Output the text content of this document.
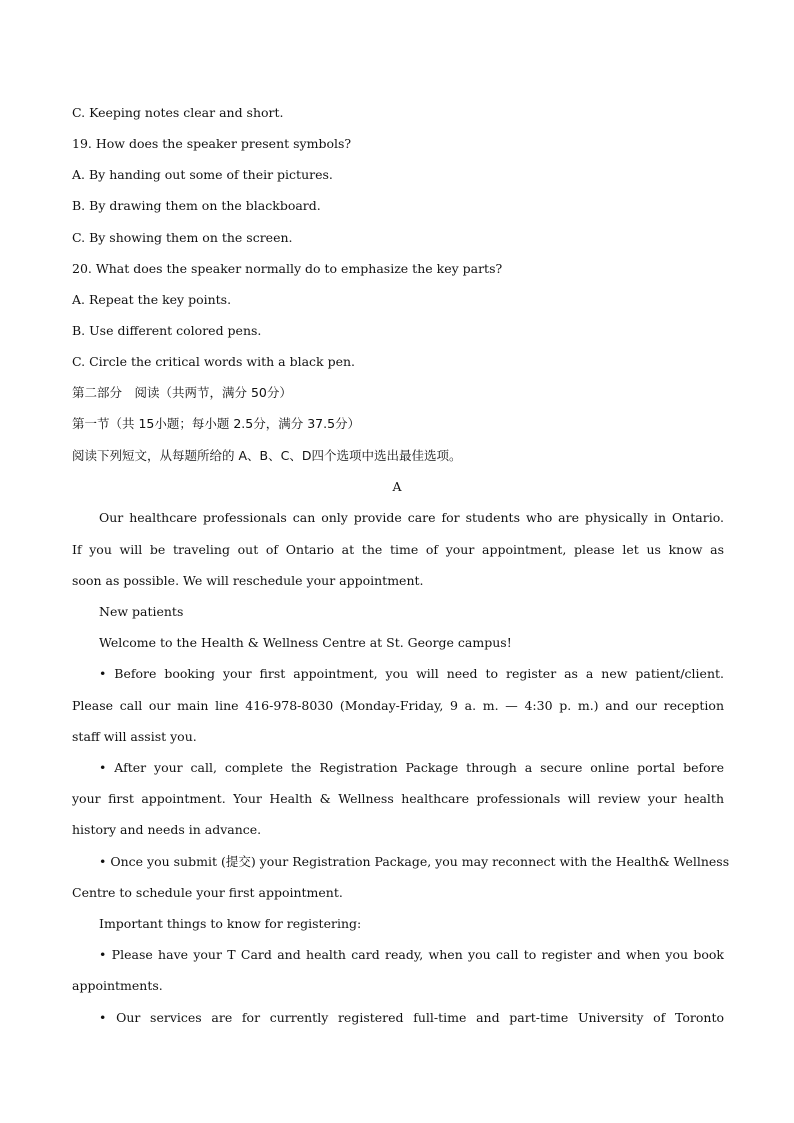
C. Keeping notes clear and short.
19. How does the speaker present symbols?
A. By handing out some of their pictures.
B. By drawing them on the blackboard.
C. By showing them on the screen.
20. What does the speaker normally do to emphasize the key parts?
A. Repeat the key points.
B. Use different colored pens.
C. Circle the critical words with a black pen.
第二部分　阅读（共两节，满分 50分）
第一节（共 15小题；每小题 2.5分，满分 37.5分）
阅读下列短文，从每题所给的 A、B、C、D四个选项中选出最佳选项。
A
Our healthcare professionals can only provide care for students who are physically in Ontario.
If you will be traveling out of Ontario at the time of your appointment, please let us know as
soon as possible. We will reschedule your appointment.
New patients
Welcome to the Health & Wellness Centre at St. George campus!
• Before booking your first appointment, you will need to register as a new patient/client.
Please call our main line 416-978-8030 (Monday-Friday, 9 a. m. — 4:30 p. m.) and our reception
staff will assist you.
• After your call, complete the Registration Package through a secure online portal before
your first appointment. Your Health & Wellness healthcare professionals will review your health
history and needs in advance.
• Once you submit (提交) your Registration Package, you may reconnect with the Health& Wellness
Centre to schedule your first appointment.
Important things to know for registering:
• Please have your T Card and health card ready, when you call to register and when you book
appointments.
• Our services are for currently registered full-time and part-time University of Toronto
